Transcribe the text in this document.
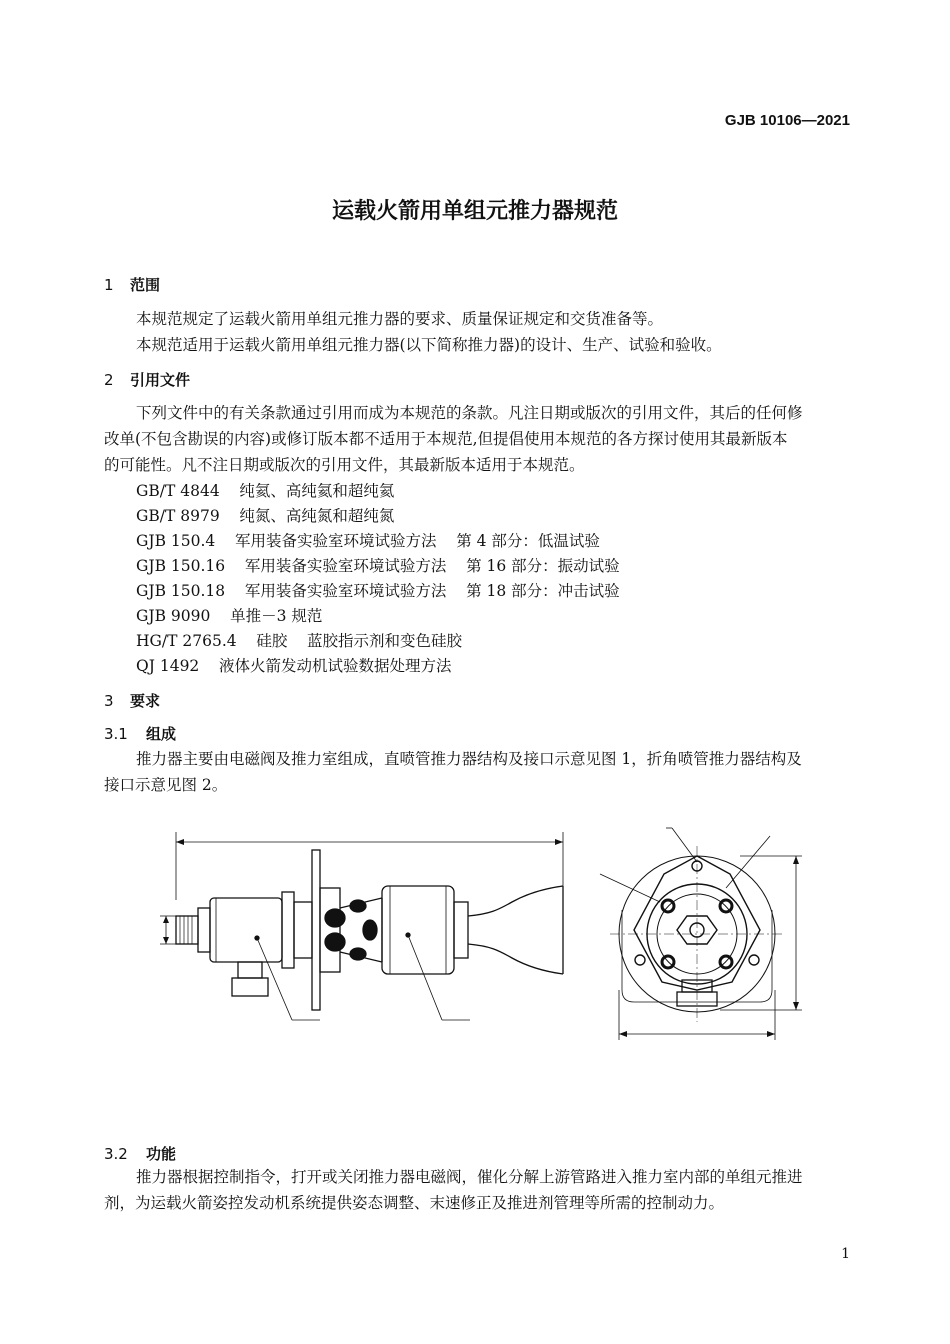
GJB 10106—2021
运载火箭用单组元推力器规范
1 范围
本规范规定了运载火箭用单组元推力器的要求、质量保证规定和交货准备等。
本规范适用于运载火箭用单组元推力器(以下简称推力器)的设计、生产、试验和验收。
2 引用文件
下列文件中的有关条款通过引用而成为本规范的条款。凡注日期或版次的引用文件，其后的任何修
改单(不包含勘误的内容)或修订版本都不适用于本规范,但提倡使用本规范的各方探讨使用其最新版本
的可能性。凡不注日期或版次的引用文件，其最新版本适用于本规范。
GB/T 4844    纯氦、高纯氦和超纯氦
GB/T 8979    纯氮、高纯氮和超纯氮
GJB 150.4    军用装备实验室环境试验方法    第 4 部分：低温试验
GJB 150.16    军用装备实验室环境试验方法    第 16 部分：振动试验
GJB 150.18    军用装备实验室环境试验方法    第 18 部分：冲击试验
GJB 9090    单推－3 规范
HG/T 2765.4    硅胶    蓝胶指示剂和变色硅胶
QJ 1492    液体火箭发动机试验数据处理方法
3 要求
3.1 组成
推力器主要由电磁阀及推力室组成，直喷管推力器结构及接口示意见图 1，折角喷管推力器结构及
接口示意见图 2。
3.2 功能
推力器根据控制指令，打开或关闭推力器电磁阀，催化分解上游管路进入推力室内部的单组元推进
剂，为运载火箭姿控发动机系统提供姿态调整、末速修正及推进剂管理等所需的控制动力。
1
